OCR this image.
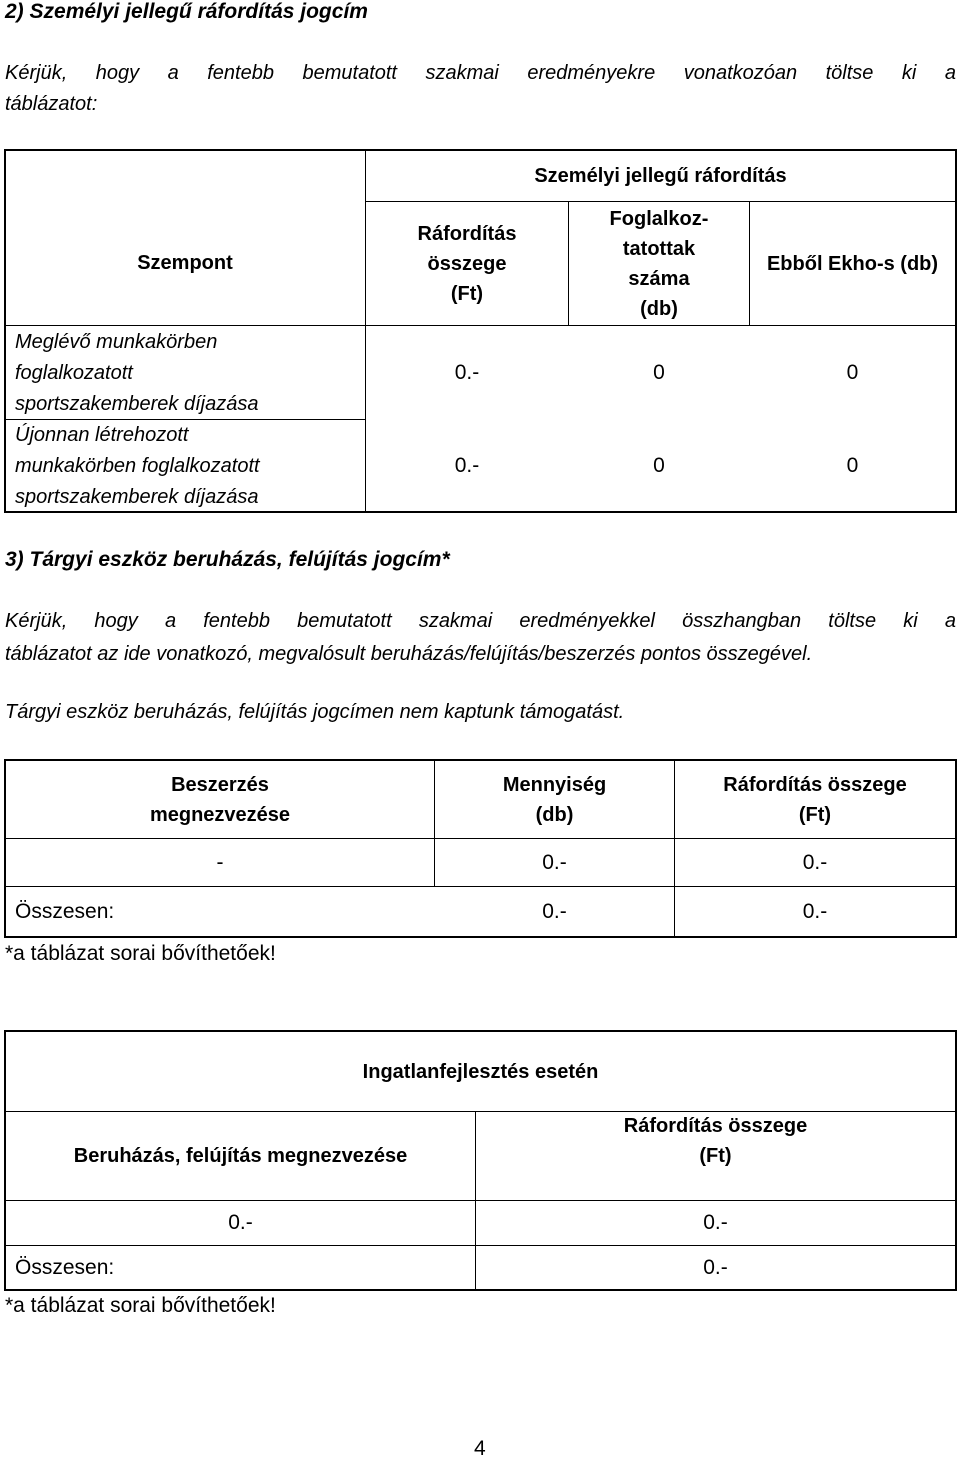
2) Személyi jellegű ráfordítás jogcím
Kérjük, hogy a fentebb bemutatott szakmai eredményekre vonatkozóan töltse ki a
táblázatot:
Személyi jellegű ráfordítás
Szempont
Ráfordítás
összege
(Ft)
Foglalkoz-
tatottak
száma
(db)
Ebből Ekho-s (db)
Meglévő munkakörben
foglalkozatott
sportszakemberek díjazása
0.-	0	0
Újonnan létrehozott
munkakörben foglalkozatott
sportszakemberek díjazása
0.-	0	0
3) Tárgyi eszköz beruházás, felújítás jogcím*
Kérjük, hogy a fentebb bemutatott szakmai eredményekkel összhangban töltse ki a
táblázatot az ide vonatkozó, megvalósult beruházás/felújítás/beszerzés pontos összegével.
Tárgyi eszköz beruházás, felújítás jogcímen nem kaptunk támogatást.
Beszerzés
megnezvezése
Mennyiség
(db)
Ráfordítás összege
(Ft)
-	0.-	0.-
Összesen:	0.-	0.-
*a táblázat sorai bővíthetőek!
Ingatlanfejlesztés esetén
Beruházás, felújítás megnezvezése
Ráfordítás összege
(Ft)
0.-	0.-
Összesen:	0.-
*a táblázat sorai bővíthetőek!
4
